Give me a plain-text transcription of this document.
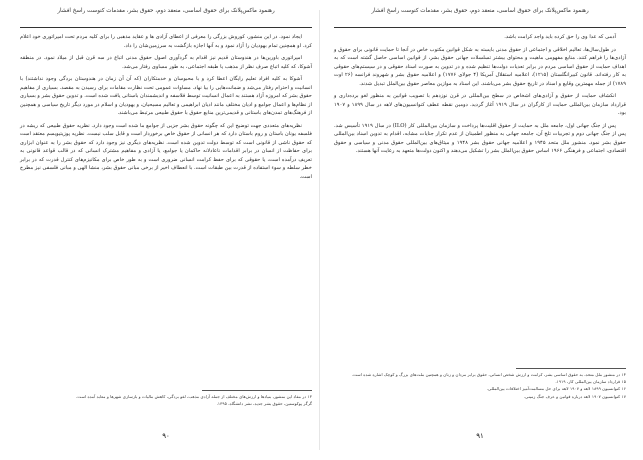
رهنمود ماکس‌پلانک برای حقوق اساسی، منعقد دوم، حقوق بشر، مقدمات کنوست راسخ افشار

ایجاد نمود. در این منشور، کوروش بزرگی را معرفی از اعطای آزادی ها و عقاید مذهبی را برای کلیه مردم تحت امپراتوری خود اعلام کرد. او همچنین تمام بهودیان را آزاد نمود و به آنها اجازه بازگشت به سرزمین‌شان را داد.

امپراتوری باورین‌ها در هندوستان قدیم نیز اقدام به گردآوری اصول حقوق مدنی اتباع در سه قرن قبل از میلاد نمود. در منطقه آشوکا، که کلیه اتباع صرف نظر از مذهب یا طبقه اجتماعی، به طور مساوی رفتار می‌شد.

آشوکا به کلیه افراد تعلیم رایگان اعطا کرد و با محبوسان و خدمتکاران (که آن آن زمان در هندوستان بردگی وجود نداشتند) با انسانیت و احترام رفتار می‌شد و ضمانت‌هایی را بیا نهاد. مساوات عمومی تحت نظارت مقامات برای رسیدن به مقصد. بسیاری از مفاهیم حقوق بشر که امروزه آزاد هستند به اعمال انسانیت توسط فلاسفه و اندیشمندان باستانی یافت شده است. و تدوین حقوق بشر و بسیاری از نظام‌ها و اعمال جوامع و ادیان مختلف مانند ادیان ابراهیمی و تعالیم مسیحیان، و یهودیان و اسلام در مورد دیگر تاریخ سیاسی و همچنین از فرهنگ‌های تمدن‌های باستانی و قدیمی‌ترین منابع حقوق با حقوق طبیعی مرتبط می‌باشند.

نظریه‌های متعددی جهت توضیح این که چگونه حقوق بشر جزیی از جوامع ما شده است وجود دارد. نظریه حقوق طبیعی که ریشه در فلسفه یونان باستان و روم باستان دارد که هر انسانی از حقوق خاص برخوردار است و قابل سلب نیست. نظریه پوزیتیویسم معتقد است که حقوق ناشی از قانونی است که توسط دولت تدوین شده است. نظریه‌های دیگری نیز وجود دارد که حقوق بشر را به عنوان ابزاری برای حفاظت از انسان در برابر اقدامات ناعادلانه حاکمان یا جوامع، یا آزادی و مفاهیم مشترک انسانی که در قالب قواعد قانونی به تعریف درآمده است، یا حقوقی که برای حفظ کرامت انسانی ضروری است و به طور خاص برای مکانیزم‌های کنترل قدرت که در برابر خطر سلطه و سوء استفاده از قدرت بین طبقات است. با انعطاف اخیر از برخی مبانی حقوق بشر، منشا الهی و مبانی فلسفی نیز مطرح است.

۱۳ در مفاد این منشور، بنیادها و ارزش‌های مختلف از جمله آزادی مذهب، لغو بردگی، کاهش مالیات و بازسازی شهرها و معابد آمده است.
گرگر پوکوستین، حقوق بشر جدید، نشر دانشگاه، ۱۳۹۵.
۹۰
رهنمود ماکس‌پلانک برای حقوق اساسی، منعقد دوم، حقوق بشر، مقدمات کنوست راسخ افشار

آدمی که عدا وی را حق کرده باید واجد کرامت باشد.

در طول‌سال‌ها، تعالیم اخلاقی و اجتماعی از حقوق مدنی بایسته به شکل قوانین مکتوب خاص در آنجا تا حمایت قانونی برای حقوق و آزادی‌ها را فراهم کنند. منابع مفهومی ماهیت و محتوای بیشتر تسلسلات جهانی حقوق بشر، از قوانین اساسی حاصل گشته است که به اهداف حمایت از حقوق اساسی مردم در برابر تعدیات دولت‌ها تنظیم شده و در تدوین به صورت اسناد حقوقی و در سیستم‌های حقوقی به کار رفته‌اند. قانون کبیرانگلستان (۱۲۱۵)، اعلامیه استقلال آمریکا (۴ جولای ۱۷۷۶) و اعلامیه حقوق بشر و شهروند فرانسه (۲۶ اوت ۱۷۸۹) از جمله مهمترین وقایع و اسناد در تاریخ حقوق بشر می‌باشند. این اسناد به موازین معاصر حقوق بین‌الملل تبدیل شدند.

انکشاف حمایت از حقوق و آزادی‌های اشخاص در سطح بین‌المللی در قرن نوزدهم با تصویب قوانین به منظور لغو برده‌داری و قرارداد سازمان بین‌المللی حمایت از کارگران در سال ۱۹۱۹ آغاز گردید. دومین نقطه عطف کنوانسیون‌های لاهه در سال ۱۸۹۹ و ۱۹۰۷ بود.

پس از جنگ جهانی اول، جامعه ملل به حمایت از حقوق اقلیت‌ها پرداخت و سازمان بین‌المللی کار (ILO) در سال ۱۹۱۹ تأسیس شد. پس از جنگ جهانی دوم و تجربیات تلخ آن، جامعه جهانی به منظور اطمینان از عدم تکرار جنایات مشابه، اقدام به تدوین اسناد بین‌المللی حقوق بشر نمود. منشور ملل متحد ۱۹۴۵ و اعلامیه جهانی حقوق بشر ۱۹۴۸ و میثاق‌های بین‌المللی حقوق مدنی و سیاسی و حقوق اقتصادی، اجتماعی و فرهنگی ۱۹۶۶ اساس حقوق بین‌الملل بشر را تشکیل می‌دهند و اکنون دولت‌ها متعهد به رعایت آنها هستند.

۱۴ در منشور ملل متحد، به حقوق اساسی بشر، کرامت و ارزش شخص انسانی، حقوق برابر مردان و زنان و همچنین ملت‌های بزرگ و کوچک اشاره شده است.
۱۵ قرارداد سازمان بین‌المللی کار، ۱۹۱۹.
۱۶ کنوانسیون ۱۸۹۹ لاهه و ۱۹۰۷ لاهه برای حل مسالمت‌آمیز اختلافات بین‌المللی.
۱۷ کنوانسیون ۱۹۰۷ لاهه درباره قوانین و عرف جنگ زمینی.
۹۱
